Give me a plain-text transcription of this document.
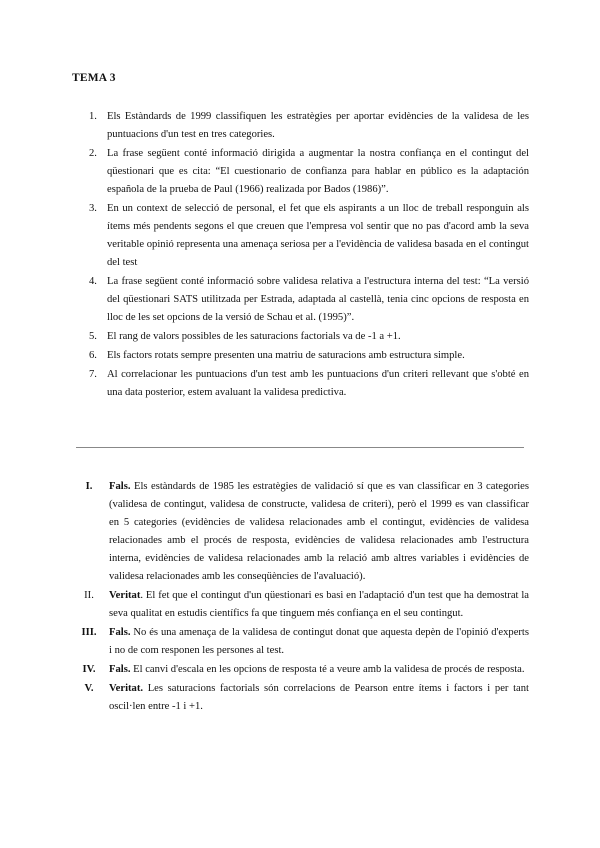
TEMA 3
1. Els Estàndards de 1999 classifiquen les estratègies per aportar evidències de la validesa de les puntuacions d'un test en tres categories.
2. La frase següent conté informació dirigida a augmentar la nostra confiança en el contingut del qüestionari que es cita: “El cuestionario de confianza para hablar en público es la adaptación española de la prueba de Paul (1966) realizada por Bados (1986)”.
3. En un context de selecció de personal, el fet que els aspirants a un lloc de treball responguin als ítems més pendents segons el que creuen que l'empresa vol sentir que no pas d'acord amb la seva veritable opinió representa una amenaça seriosa per a l'evidència de validesa basada en el contingut del test
4. La frase següent conté informació sobre validesa relativa a l'estructura interna del test: “La versió del qüestionari SATS utilitzada per Estrada, adaptada al castellà, tenia cinc opcions de resposta en lloc de les set opcions de la versió de Schau et al. (1995)”.
5. El rang de valors possibles de les saturacions factorials va de -1 a +1.
6. Els factors rotats sempre presenten una matriu de saturacions amb estructura simple.
7. Al correlacionar les puntuacions d'un test amb les puntuacions d'un criteri rellevant que s'obté en una data posterior, estem avaluant la validesa predictiva.
I.	Fals. Els estàndards de 1985 les estratègies de validació sí que es van classificar en 3 categories (validesa de contingut, validesa de constructe, validesa de criteri), però el 1999 es van classificar en 5 categories (evidències de validesa relacionades amb el contingut, evidències de validesa relacionades amb el procés de resposta, evidències de validesa relacionades amb l'estructura interna, evidències de validesa relacionades amb la relació amb altres variables i evidències de validesa relacionades amb les conseqüències de l'avaluació).
II.	Veritat. El fet que el contingut d'un qüestionari es basi en l'adaptació d'un test que ha demostrat la seva qualitat en estudis científics fa que tinguem més confiança en el seu contingut.
III. Fals. No és una amenaça de la validesa de contingut donat que aquesta depèn de l'opinió d'experts i no de com responen les persones al test.
IV.	Fals. El canvi d'escala en les opcions de resposta té a veure amb la validesa de procés de resposta.
V.	Veritat. Les saturacions factorials són correlacions de Pearson entre ítems i factors i per tant oscil·len entre -1 i +1.
